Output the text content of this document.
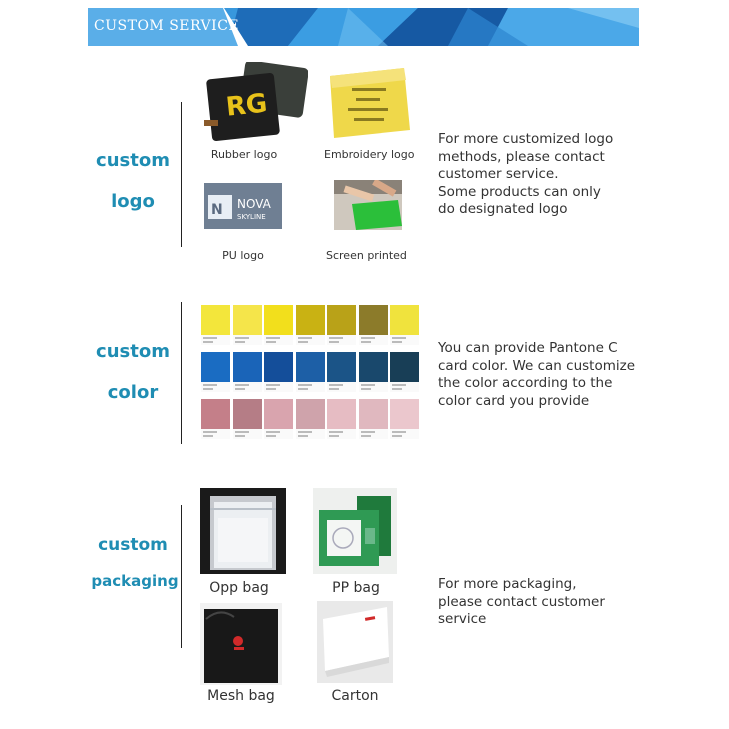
CUSTOM SERVICE
custom
logo
RG
Rubber logo	Embroidery logo
N NOVA
SKYLINE
PU logo	Screen printed
For more customized logo
methods, please contact
customer service.
Some products can only
do designated logo
custom
color
You can provide Pantone C
card color. We can customize
the color according to the
color card you provide
custom
packaging	Opp bag	PP bag
Mesh bag	Carton
For more packaging,
please contact customer
service
